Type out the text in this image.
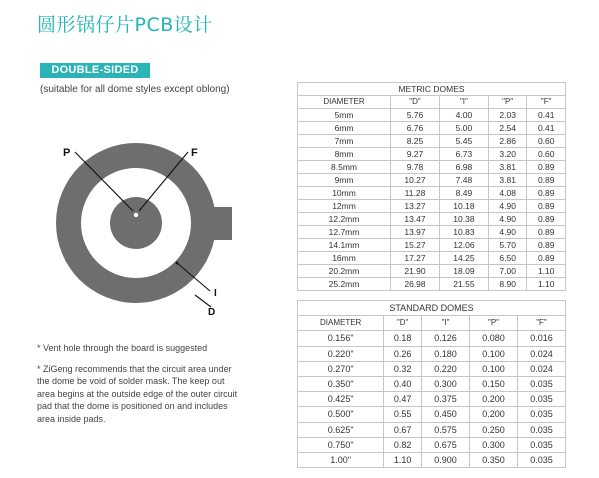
圆形锅仔片PCB设计
DOUBLE-SIDED
(suitable for all dome styles except oblong)
P	F
I
D
* Vent hole through the board is suggested
* ZiGeng recommends that the circuit area under the dome be void of solder mask. The keep out area begins at the outside edge of the outer circuit pad that the dome is positioned on and includes area inside pads.
METRIC DOMES				
DIAMETER	"D"	"I"	"P"	"F"
5mm	5.76	4.00	2.03	0.41
6mm	6.76	5.00	2.54	0.41
7mm	8.25	5.45	2.86	0.60
8mm	9.27	6.73	3.20	0.60
8.5mm	9.78	6.98	3.81	0.89
9mm	10.27	7.48	3.81	0.89
10mm	11.28	8.49	4.08	0.89
12mm	13.27	10.18	4.90	0.89
12.2mm	13.47	10.38	4.90	0.89
12.7mm	13.97	10.83	4.90	0.89
14.1mm	15.27	12.06	5.70	0.89
16mm	17.27	14.25	6.50	0.89
20.2mm	21.90	18.09	7.00	1.10
25.2mm	26.98	21.55	8.90	1.10
STANDARD DOMES				
DIAMETER	"D"	"I"	"P"	"F"
0.156"	0.18	0.126	0.080	0.016
0.220"	0.26	0.180	0.100	0.024
0.270"	0.32	0.220	0.100	0.024
0.350"	0.40	0.300	0.150	0.035
0.425"	0.47	0.375	0.200	0.035
0.500"	0.55	0.450	0.200	0.035
0.625"	0.67	0.575	0.250	0.035
0.750"	0.82	0.675	0.300	0.035
1.00"	1.10	0.900	0.350	0.035
